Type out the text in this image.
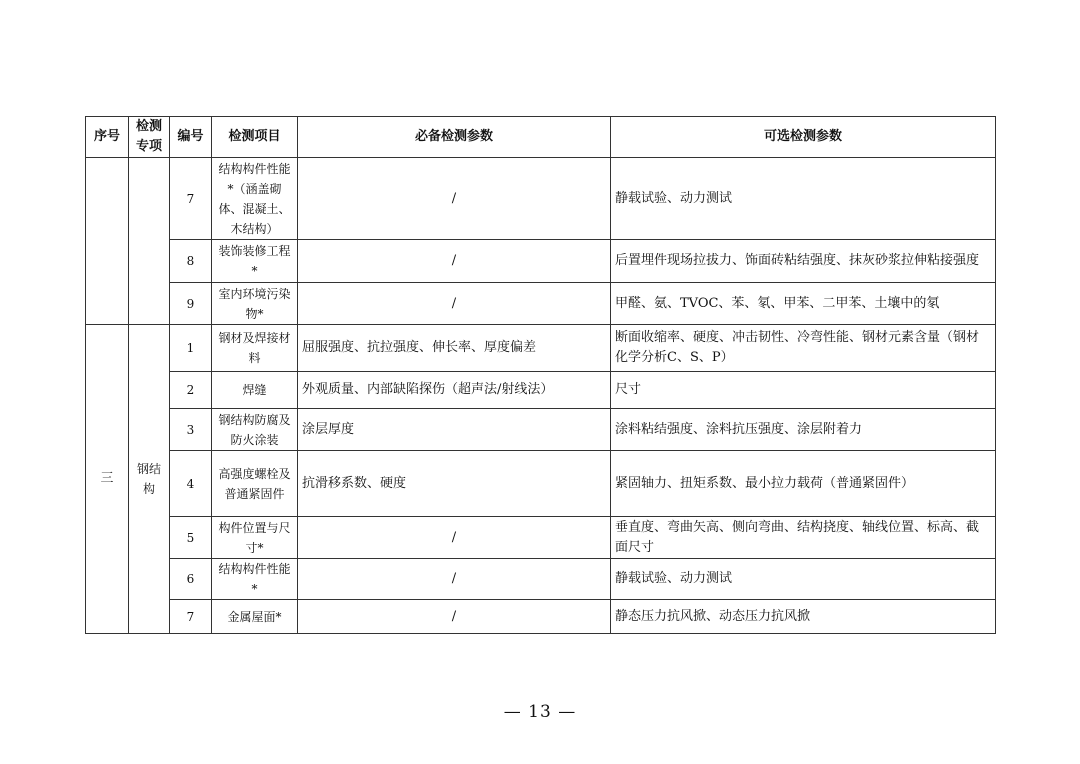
序号	检测专项	编号	检测项目	必备检测参数	可选检测参数
		7	结构构件性能*（涵盖砌体、混凝土、木结构）	/	静载试验、动力测试
		8	装饰装修工程*	/	后置埋件现场拉拔力、饰面砖粘结强度、抹灰砂浆拉伸粘接强度
		9	室内环境污染物*	/	甲醛、氨、TVOC、苯、氡、甲苯、二甲苯、土壤中的氡
三	钢结构	1	钢材及焊接材料	屈服强度、抗拉强度、伸长率、厚度偏差	断面收缩率、硬度、冲击韧性、冷弯性能、钢材元素含量（钢材化学分析C、S、P）
		2	焊缝	外观质量、内部缺陷探伤（超声法/射线法）	尺寸
		3	钢结构防腐及防火涂装	涂层厚度	涂料粘结强度、涂料抗压强度、涂层附着力
		4	高强度螺栓及普通紧固件	抗滑移系数、硬度	紧固轴力、扭矩系数、最小拉力载荷（普通紧固件）
		5	构件位置与尺寸*	/	垂直度、弯曲矢高、侧向弯曲、结构挠度、轴线位置、标高、截面尺寸
		6	结构构件性能*	/	静载试验、动力测试
		7	金属屋面*	/	静态压力抗风掀、动态压力抗风掀
— 13 —
